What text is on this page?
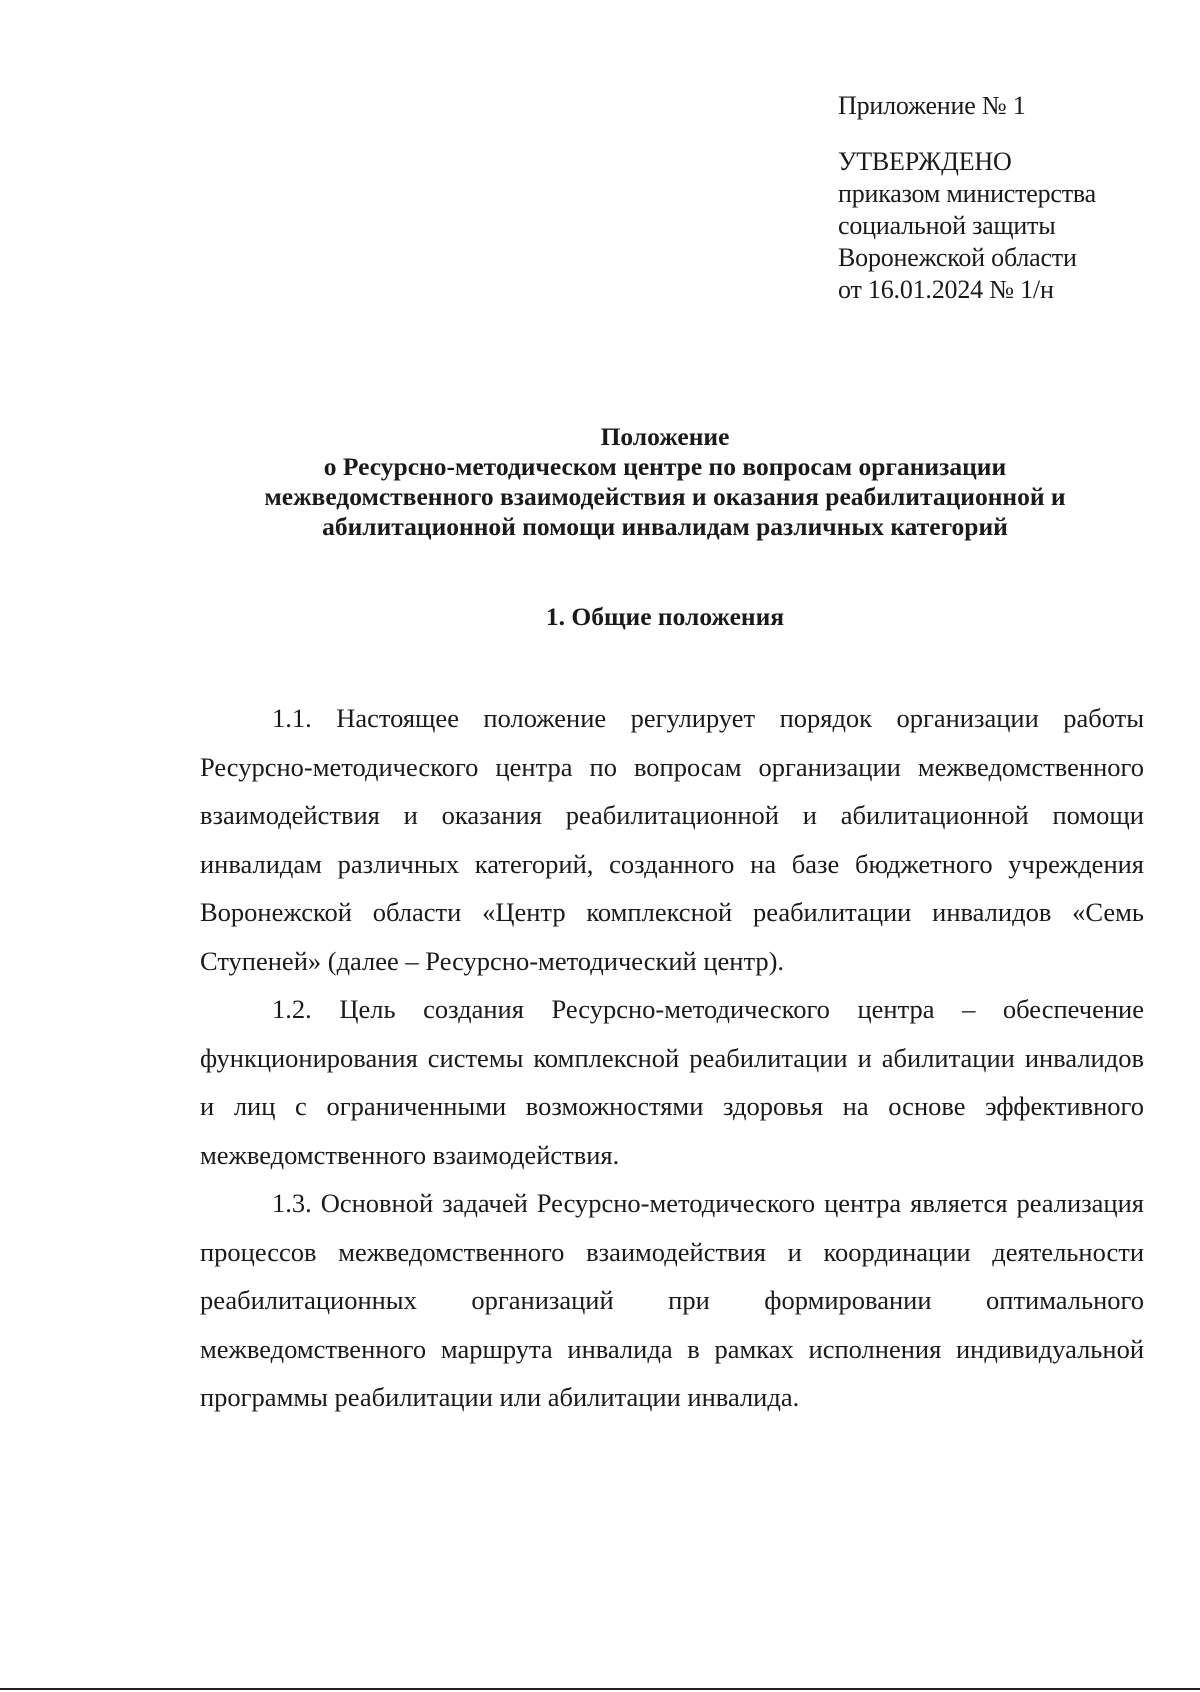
Приложение № 1
УТВЕРЖДЕНО
приказом министерства
социальной защиты
Воронежской области
от 16.01.2024 № 1/н
Положение
о Ресурсно-методическом центре по вопросам организации
межведомственного взаимодействия и оказания реабилитационной и
абилитационной помощи инвалидам различных категорий
1. Общие положения

1.1. Настоящее положение регулирует порядок организации работы Ресурсно-методического центра по вопросам организации межведомственного взаимодействия и оказания реабилитационной и абилитационной помощи инвалидам различных категорий, созданного на базе бюджетного учреждения Воронежской области «Центр комплексной реабилитации инвалидов «Семь Ступеней» (далее – Ресурсно-методический центр).

1.2. Цель создания Ресурсно-методического центра – обеспечение функционирования системы комплексной реабилитации и абилитации инвалидов и лиц с ограниченными возможностями здоровья на основе эффективного межведомственного взаимодействия.

1.3. Основной задачей Ресурсно-методического центра является реализация процессов межведомственного взаимодействия и координации деятельности реабилитационных организаций при формировании оптимального межведомственного маршрута инвалида в рамках исполнения индивидуальной программы реабилитации или абилитации инвалида.
